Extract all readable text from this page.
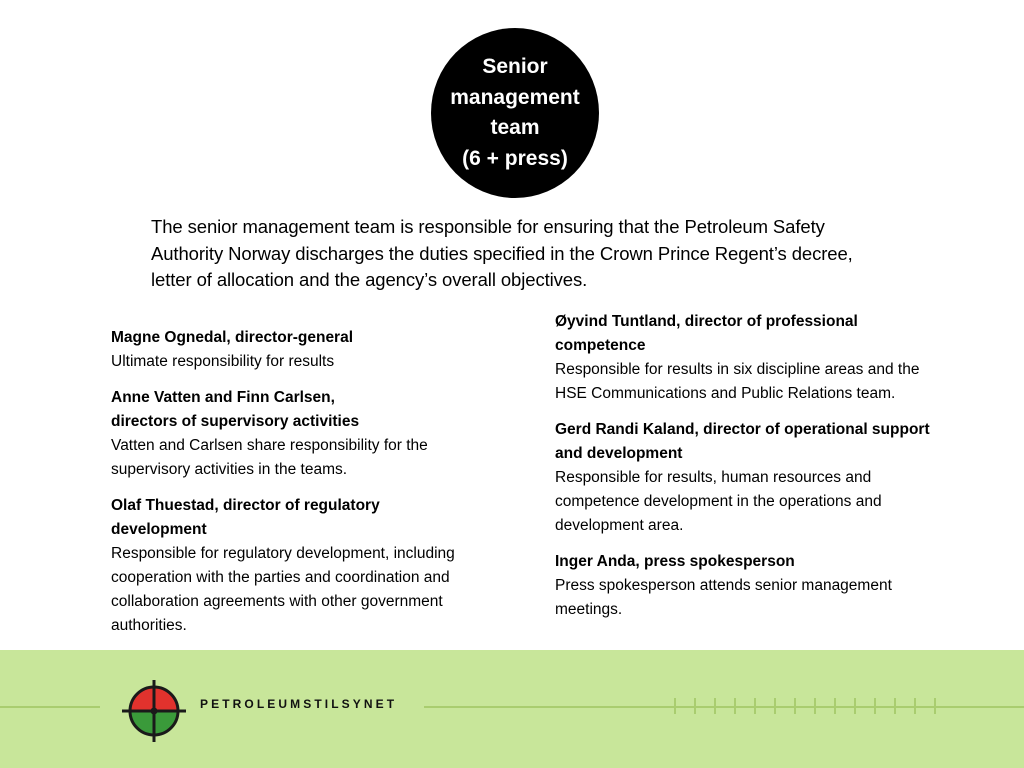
Senior
management
team
(6 + press)

The senior management team is responsible for ensuring that the Petroleum Safety Authority Norway discharges the duties specified in the Crown Prince Regent’s decree, letter of allocation and the agency’s overall objectives.

Magne Ognedal, director-general
Ultimate responsibility for results
Anne Vatten and Finn Carlsen,
directors of supervisory activities
Vatten and Carlsen share responsibility for the supervisory activities in the teams.
Olaf Thuestad, director of regulatory development
Responsible for regulatory development, including cooperation with the parties and coordination and collaboration agreements with other government authorities.
Øyvind Tuntland, director of professional competence
Responsible for results in six discipline areas and the HSE Communications and Public Relations team.
Gerd Randi Kaland, director of operational support and development
Responsible for results, human resources and competence development in the operations and development area.
Inger Anda, press spokesperson
Press spokesperson attends senior management meetings.
PETROLEUMSTILSYNET
